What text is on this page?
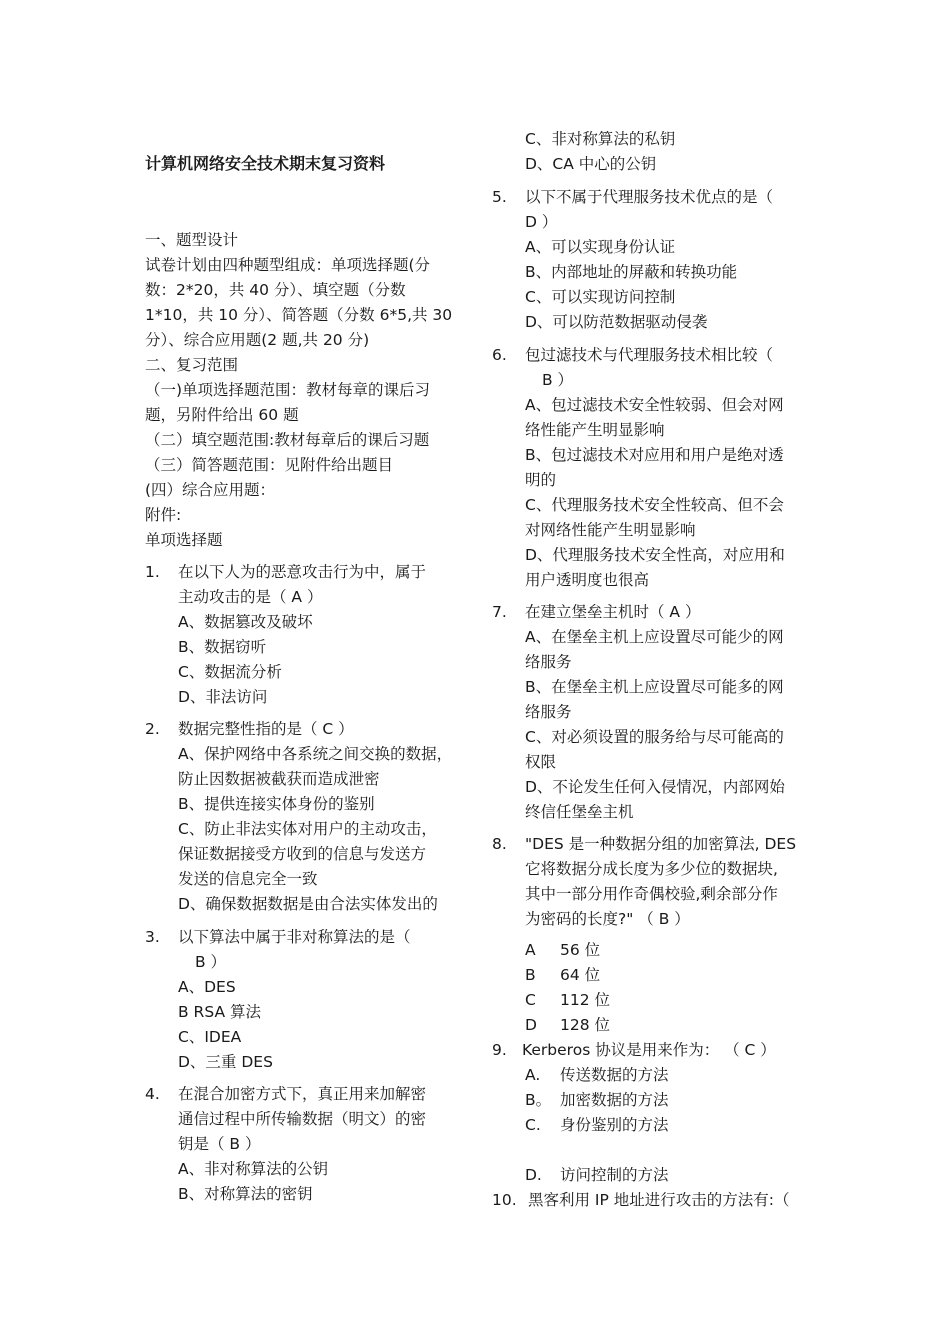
计算机网络安全技术期末复习资料
一、题型设计
试卷计划由四种题型组成：单项选择题(分
数：2*20，共 40 分）、填空题（分数
1*10，共 10 分）、简答题（分数 6*5,共 30
分）、综合应用题(2 题,共 20 分)
二、复习范围
（一)单项选择题范围：教材每章的课后习
题，另附件给出 60 题
（二）填空题范围:教材每章后的课后习题
（三）简答题范围：见附件给出题目
(四）综合应用题：
附件:
单项选择题
1. 在以下人为的恶意攻击行为中，属于
主动攻击的是（ A ）
A、数据篡改及破坏
B、数据窃听
C、数据流分析
D、非法访问
2. 数据完整性指的是（ C ）
A、保护网络中各系统之间交换的数据，
防止因数据被截获而造成泄密
B、提供连接实体身份的鉴别
C、防止非法实体对用户的主动攻击，
保证数据接受方收到的信息与发送方
发送的信息完全一致
D、确保数据数据是由合法实体发出的
3. 以下算法中属于非对称算法的是（
B ）
A、DES
B RSA 算法
C、IDEA
D、三重 DES
4. 在混合加密方式下，真正用来加解密
通信过程中所传输数据（明文）的密
钥是（ B ）
A、非对称算法的公钥
B、对称算法的密钥
C、非对称算法的私钥
D、CA 中心的公钥
5. 以下不属于代理服务技术优点的是（
D ）
A、可以实现身份认证
B、内部地址的屏蔽和转换功能
C、可以实现访问控制
D、可以防范数据驱动侵袭
6. 包过滤技术与代理服务技术相比较（
B ）
A、包过滤技术安全性较弱、但会对网
络性能产生明显影响
B、包过滤技术对应用和用户是绝对透
明的
C、代理服务技术安全性较高、但不会
对网络性能产生明显影响
D、代理服务技术安全性高，对应用和
用户透明度也很高
7. 在建立堡垒主机时（ A ）
A、在堡垒主机上应设置尽可能少的网
络服务
B、在堡垒主机上应设置尽可能多的网
络服务
C、对必须设置的服务给与尽可能高的
权限
D、不论发生任何入侵情况，内部网始
终信任堡垒主机
8. "DES 是一种数据分组的加密算法, DES
它将数据分成长度为多少位的数据块,
其中一部分用作奇偶校验,剩余部分作
为密码的长度?" （ B ）
A 56 位
B 64 位
C 112 位
D 128 位
9. Kerberos 协议是用来作为： （ C ）
A. 传送数据的方法
B。 加密数据的方法
C. 身份鉴别的方法
D. 访问控制的方法
10. 黑客利用 IP 地址进行攻击的方法有:（
